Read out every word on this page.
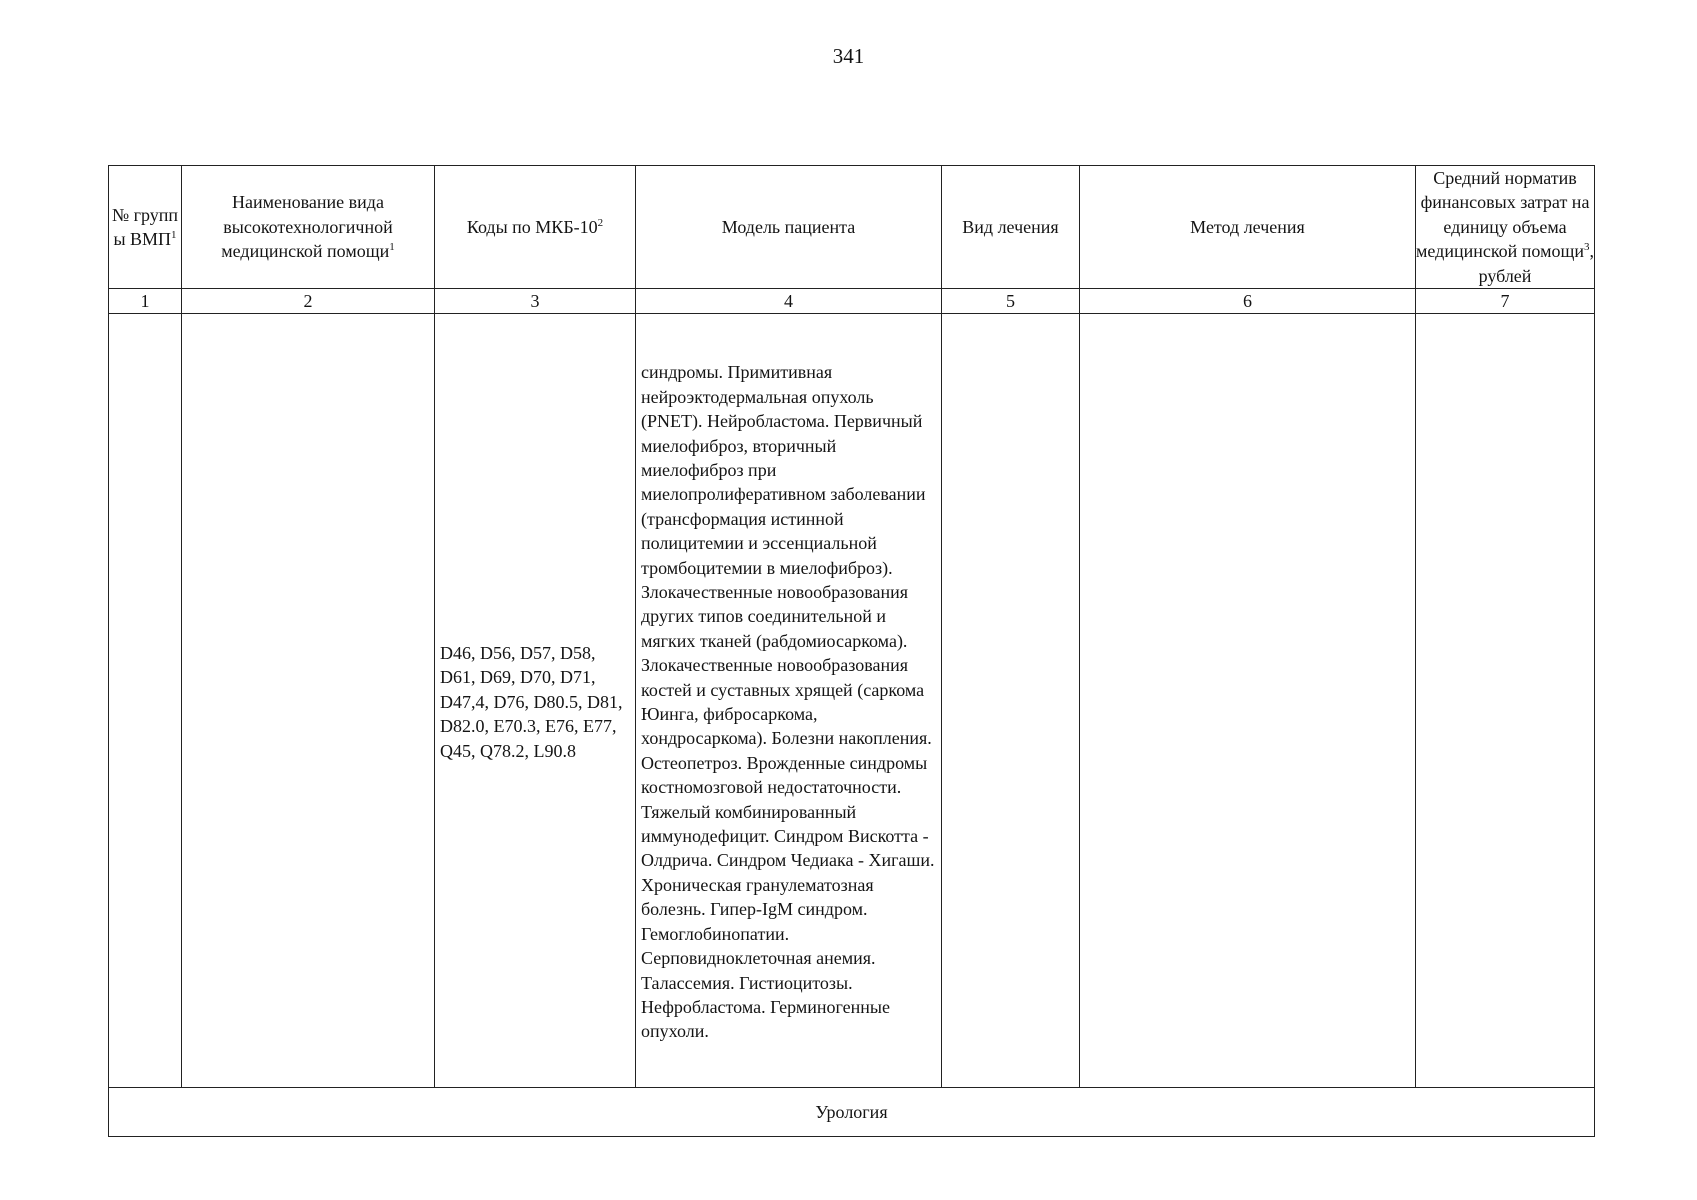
341
№ групп ы ВМП$^1$	Наименование вида высокотехнологичной медицинской помощи$^1$	Коды по МКБ-$10^2$	Модель пациента	Вид лечения	Метод лечения	Средний норматив финансовых затрат на единицу объема медицинской помощи$^3$, рублей
1	2	3	4	5	6	7
		D46, D56, D57, D58, D61, D69, D70, D71, D47,4, D76, D80.5, D81, D82.0, E70.3, E76, E77, Q45, Q78.2, L90.8	синдромы. Примитивная нейроэктодермальная опухоль (PNET). Нейробластома. Первичный миелофиброз, вторичный миелофиброз при миелопролиферативном заболевании (трансформация истинной полицитемии и эссенциальной тромбоцитемии в миелофиброз). Злокачественные новообразования других типов соединительной и мягких тканей (рабдомиосаркома). Злокачественные новообразования костей и суставных хрящей (саркома Юинга, фибросаркома, хондросаркома). Болезни накопления. Остеопетроз. Врожденные синдромы костномозговой недостаточности. Тяжелый комбинированный иммунодефицит. Синдром Вискотта - Олдрича. Синдром Чедиака - Хигаши. Хроническая гранулематозная болезнь. Гипер-IgM синдром. Гемоглобинопатии. Серповидноклеточная анемия. Талассемия. Гистиоцитозы. Нефробластома. Герминогенные опухоли.			
Урология						
